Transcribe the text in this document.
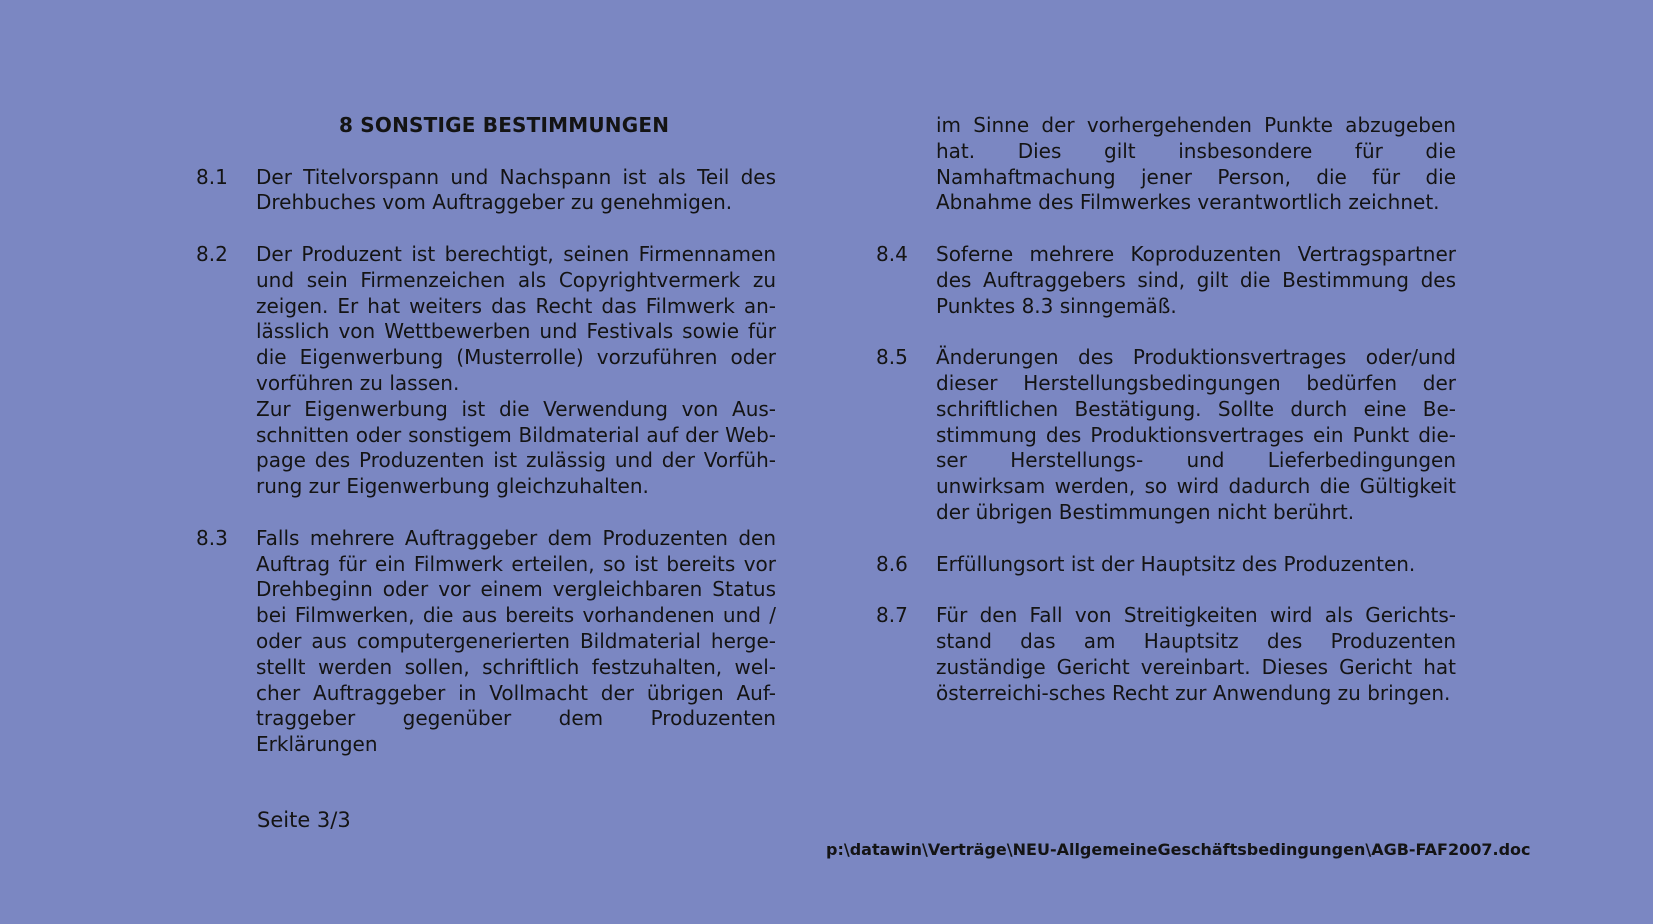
8 SONSTIGE BESTIMMUNGEN
8.1	Der Titelvorspann und Nachspann ist als Teil des Drehbuches vom Auftraggeber zu genehmigen.
8.2	Der Produzent ist berechtigt, seinen Firmennamen und sein Firmenzeichen als Copyrightvermerk zu zeigen. Er hat weiters das Recht das Filmwerk an-lässlich von Wettbewerben und Festivals sowie für die Eigenwerbung (Musterrolle) vorzuführen oder vorführen zu lassen.

Zur Eigenwerbung ist die Verwendung von Aus-schnitten oder sonstigem Bildmaterial auf der Web-page des Produzenten ist zulässig und der Vorfüh-rung zur Eigenwerbung gleichzuhalten.

8.3	Falls mehrere Auftraggeber dem Produzenten den Auftrag für ein Filmwerk erteilen, so ist bereits vor Drehbeginn oder vor einem vergleichbaren Status bei Filmwerken, die aus bereits vorhandenen und / oder aus computergenerierten Bildmaterial herge-stellt werden sollen, schriftlich festzuhalten, wel-cher Auftraggeber in Vollmacht der übrigen Auf-traggeber gegenüber dem Produzenten Erklärungen
im Sinne der vorhergehenden Punkte abzugeben hat. Dies gilt insbesondere für die Namhaftmachung jener Person, die für die Abnahme des Filmwerkes verantwortlich zeichnet.
8.4	Soferne mehrere Koproduzenten Vertragspartner des Auftraggebers sind, gilt die Bestimmung des Punktes 8.3 sinngemäß.
8.5	Änderungen des Produktionsvertrages oder/und dieser Herstellungsbedingungen bedürfen der schriftlichen Bestätigung. Sollte durch eine Be-stimmung des Produktionsvertrages ein Punkt die-ser Herstellungs- und Lieferbedingungen unwirksam werden, so wird dadurch die Gültigkeit der übrigen Bestimmungen nicht berührt.
8.6	Erfüllungsort ist der Hauptsitz des Produzenten.
8.7	Für den Fall von Streitigkeiten wird als Gerichts-stand das am Hauptsitz des Produzenten zuständige Gericht vereinbart. Dieses Gericht hat österreichi-sches Recht zur Anwendung zu bringen.
Seite 3/3
p:\datawin\Verträge\NEU-AllgemeineGeschäftsbedingungen\AGB-FAF2007.doc
